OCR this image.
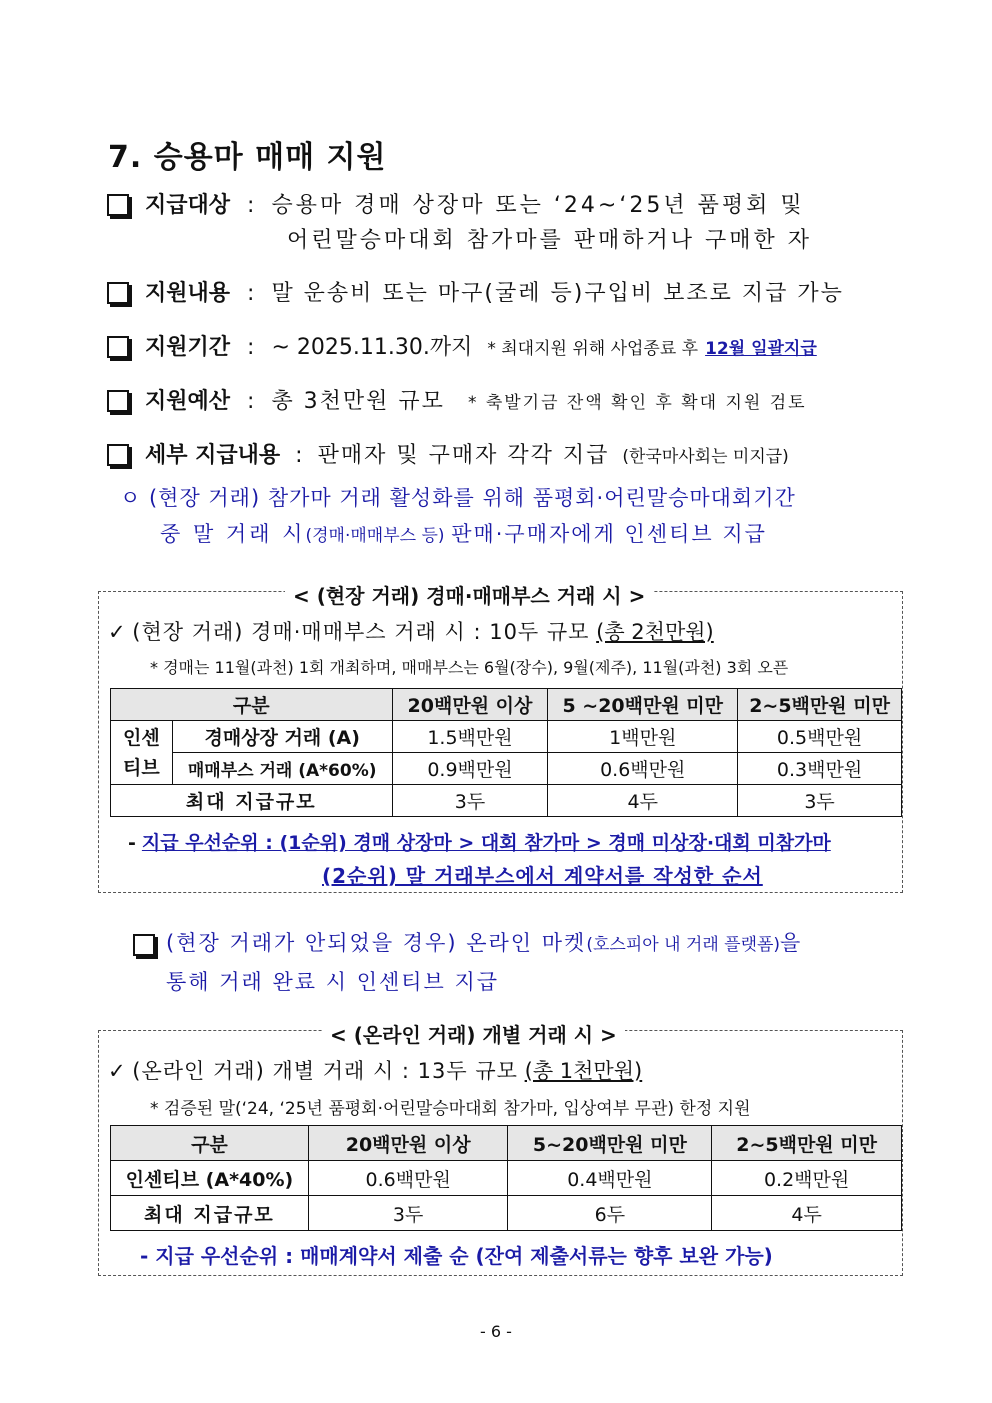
7. 승용마 매매 지원
지급대상 : 승용마 경매 상장마 또는 ‘24~‘25년 품평회 및
어린말승마대회 참가마를 판매하거나 구매한 자
지원내용 : 말 운송비 또는 마구(굴레 등)구입비 보조로 지급 가능
지원기간 : ~ 2025.11.30.까지 * 최대지원 위해 사업종료 후 12월 일괄지급
지원예산 : 총 3천만원 규모 * 축발기금 잔액 확인 후 확대 지원 검토
세부 지급내용 : 판매자 및 구매자 각각 지급 (한국마사회는 미지급)
ㅇ (현장 거래) 참가마 거래 활성화를 위해 품평회·어린말승마대회기간
중 말 거래 시(경매·매매부스 등) 판매·구매자에게 인센티브 지급
< (현장 거래) 경매·매매부스 거래 시 >
✓ (현장 거래) 경매·매매부스 거래 시 : 10두 규모 (총 2천만원)
* 경매는 11월(과천) 1회 개최하며, 매매부스는 6월(장수), 9월(제주), 11월(과천) 3회 오픈
구분		20백만원 이상	5 ~20백만원 미만	2~5백만원 미만

인센
티브	경매상장 거래 (A)	1.5백만원	1백만원	0.5백만원
	매매부스 거래 (A*60%)	0.9백만원	0.6백만원	0.3백만원
최대 지급규모		3두	4두	3두
- 지급 우선순위 : (1순위) 경매 상장마 > 대회 참가마 > 경매 미상장·대회 미참가마
(2순위) 말 거래부스에서 계약서를 작성한 순서
(현장 거래가 안되었을 경우) 온라인 마켓(호스피아 내 거래 플랫폼)을
통해 거래 완료 시 인센티브 지급
< (온라인 거래) 개별 거래 시 >
✓ (온라인 거래) 개별 거래 시 : 13두 규모 (총 1천만원)
* 검증된 말(‘24, ‘25년 품평회·어린말승마대회 참가마, 입상여부 무관) 한정 지원
구분	20백만원 이상	5~20백만원 미만	2~5백만원 미만
인센티브 (A*40%)	0.6백만원	0.4백만원	0.2백만원
최대 지급규모	3두	6두	4두
- 지급 우선순위 : 매매계약서 제출 순 (잔여 제출서류는 향후 보완 가능)
- 6 -
